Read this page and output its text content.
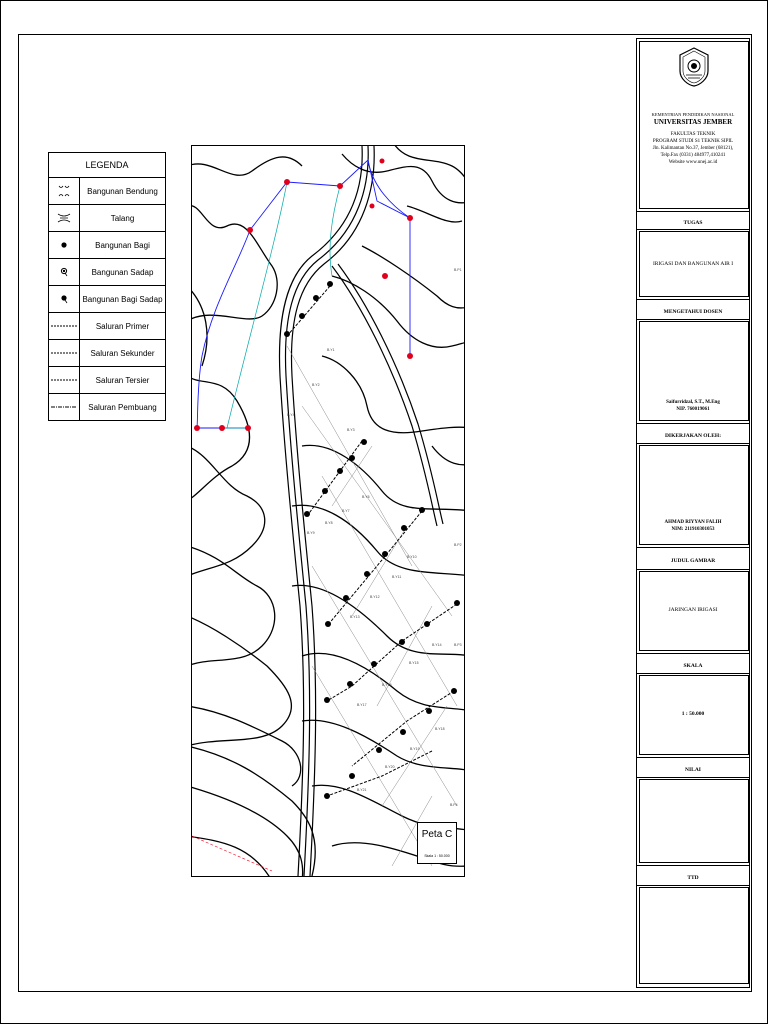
LEGENDA
Bangunan Bendung
Talang
Bangunan Bagi
Bangunan Sadap
Bangunan Bagi Sadap
Saluran Primer
Saluran Sekunder
Saluran Tersier
Saluran Pembuang
B.Y1
B.Y2
B.Y4
B.Y3
B.Y6
B.Y7
B.Y8
B.Y9
B.Y10
B.Y11
B.Y12
B.Y13
B.Y14
B.Y15
B.Y16
B.Y17
B.Y18
B.Y19
B.Y20
B.Y21
B.P2
B.P3
B.P4
B.P1
Peta C
Skala 1 : 50.000
KEMENTRIAN PENDIDIKAN NASIONAL
UNIVERSITAS JEMBER
FAKULTAS TEKNIK
PROGRAM STUDI S1 TEKNIK SIPIL
Jln. Kalimantan No.37, Jember (68121),
Telp.Fax (0331) 484977,410241
Website www.unej.ac.id
TUGAS
IRIGASI DAN BANGUNAN AIR I
MENGETAHUI DOSEN
Saifurridzal, S.T., M.Eng
NIP. 760019061
DIKERJAKAN OLEH:
AHMAD RIYYAN FALIH
NIM: 211910301053
JUDUL GAMBAR
JARINGAN IRIGASI
SKALA
1 : 50.000
NILAI
TTD
